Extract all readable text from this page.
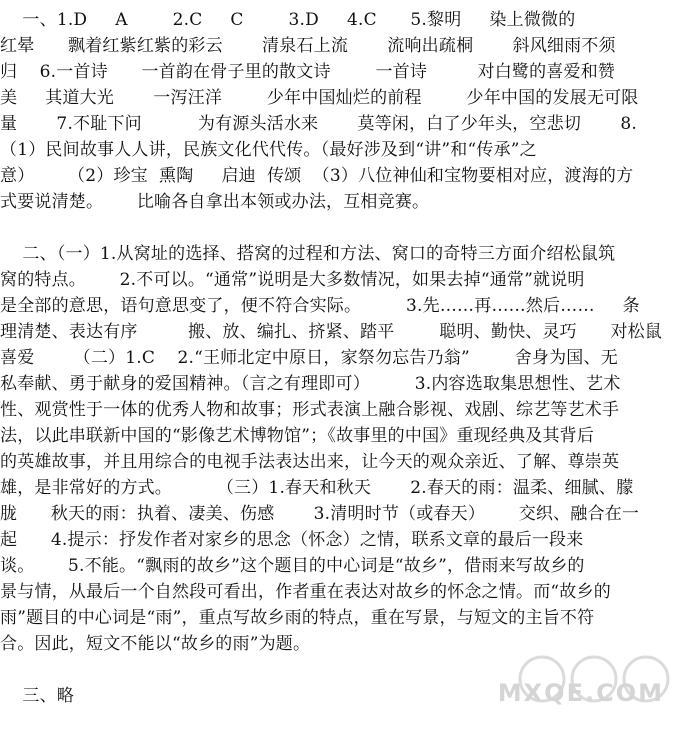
一、1.D     A        2.C     C        3.D     4.C      5.黎明     染上微微的
红晕      飘着红紫红紫的彩云       清泉石上流       流响出疏桐       斜风细雨不须
归    6.一首诗      一首韵在骨子里的散文诗        一首诗         对白鹭的喜爱和赞
美     其道大光       一泻汪洋        少年中国灿烂的前程        少年中国的发展无可限
量       7.不耻下问          为有源头活水来       莫等闲，白了少年头，空悲切       8.
（1）民间故事人人讲，民族文化代代传。（最好涉及到“讲”和“传承”之
意）      （2）珍宝  熏陶     启迪  传颂  （3）八位神仙和宝物要相对应，渡海的方
式要说清楚。      比喻各自拿出本领或办法，互相竞赛。
二、（一）1.从窝址的选择、搭窝的过程和方法、窝口的奇特三方面介绍松鼠筑
窝的特点。      2.不可以。“通常”说明是大多数情况，如果去掉“通常”就说明
是全部的意思，语句意思变了，便不符合实际。        3.先……再……然后……     条
理清楚、表达有序         搬、放、编扎、挤紧、踏平        聪明、勤快、灵巧      对松鼠
喜爱       （二）1.C    2.“王师北定中原日，家祭勿忘告乃翁”        舍身为国、无
私奉献、勇于献身的爱国精神。（言之有理即可）        3.内容选取集思想性、艺术
性、观赏性于一体的优秀人物和故事；形式表演上融合影视、戏剧、综艺等艺术手
法，以此串联新中国的“影像艺术博物馆”；《故事里的中国》重现经典及其背后
的英雄故事，并且用综合的电视手法表达出来，让今天的观众亲近、了解、尊崇英
雄，是非常好的方式。        （三）1.春天和秋天       2.春天的雨：温柔、细腻、朦
胧      秋天的雨：执着、凄美、伤感       3.清明时节（或春天）      交织、融合在一
起      4.提示：抒发作者对家乡的思念（怀念）之情，联系文章的最后一段来
谈。      5.不能。“飘雨的故乡”这个题目的中心词是“故乡”，借雨来写故乡的
景与情，从最后一个自然段可看出，作者重在表达对故乡的怀念之情。而“故乡的
雨”题目的中心词是“雨”，重点写故乡雨的特点，重在写景，与短文的主旨不符
合。因此，短文不能以“故乡的雨”为题。
三、略	MXQE.COM
